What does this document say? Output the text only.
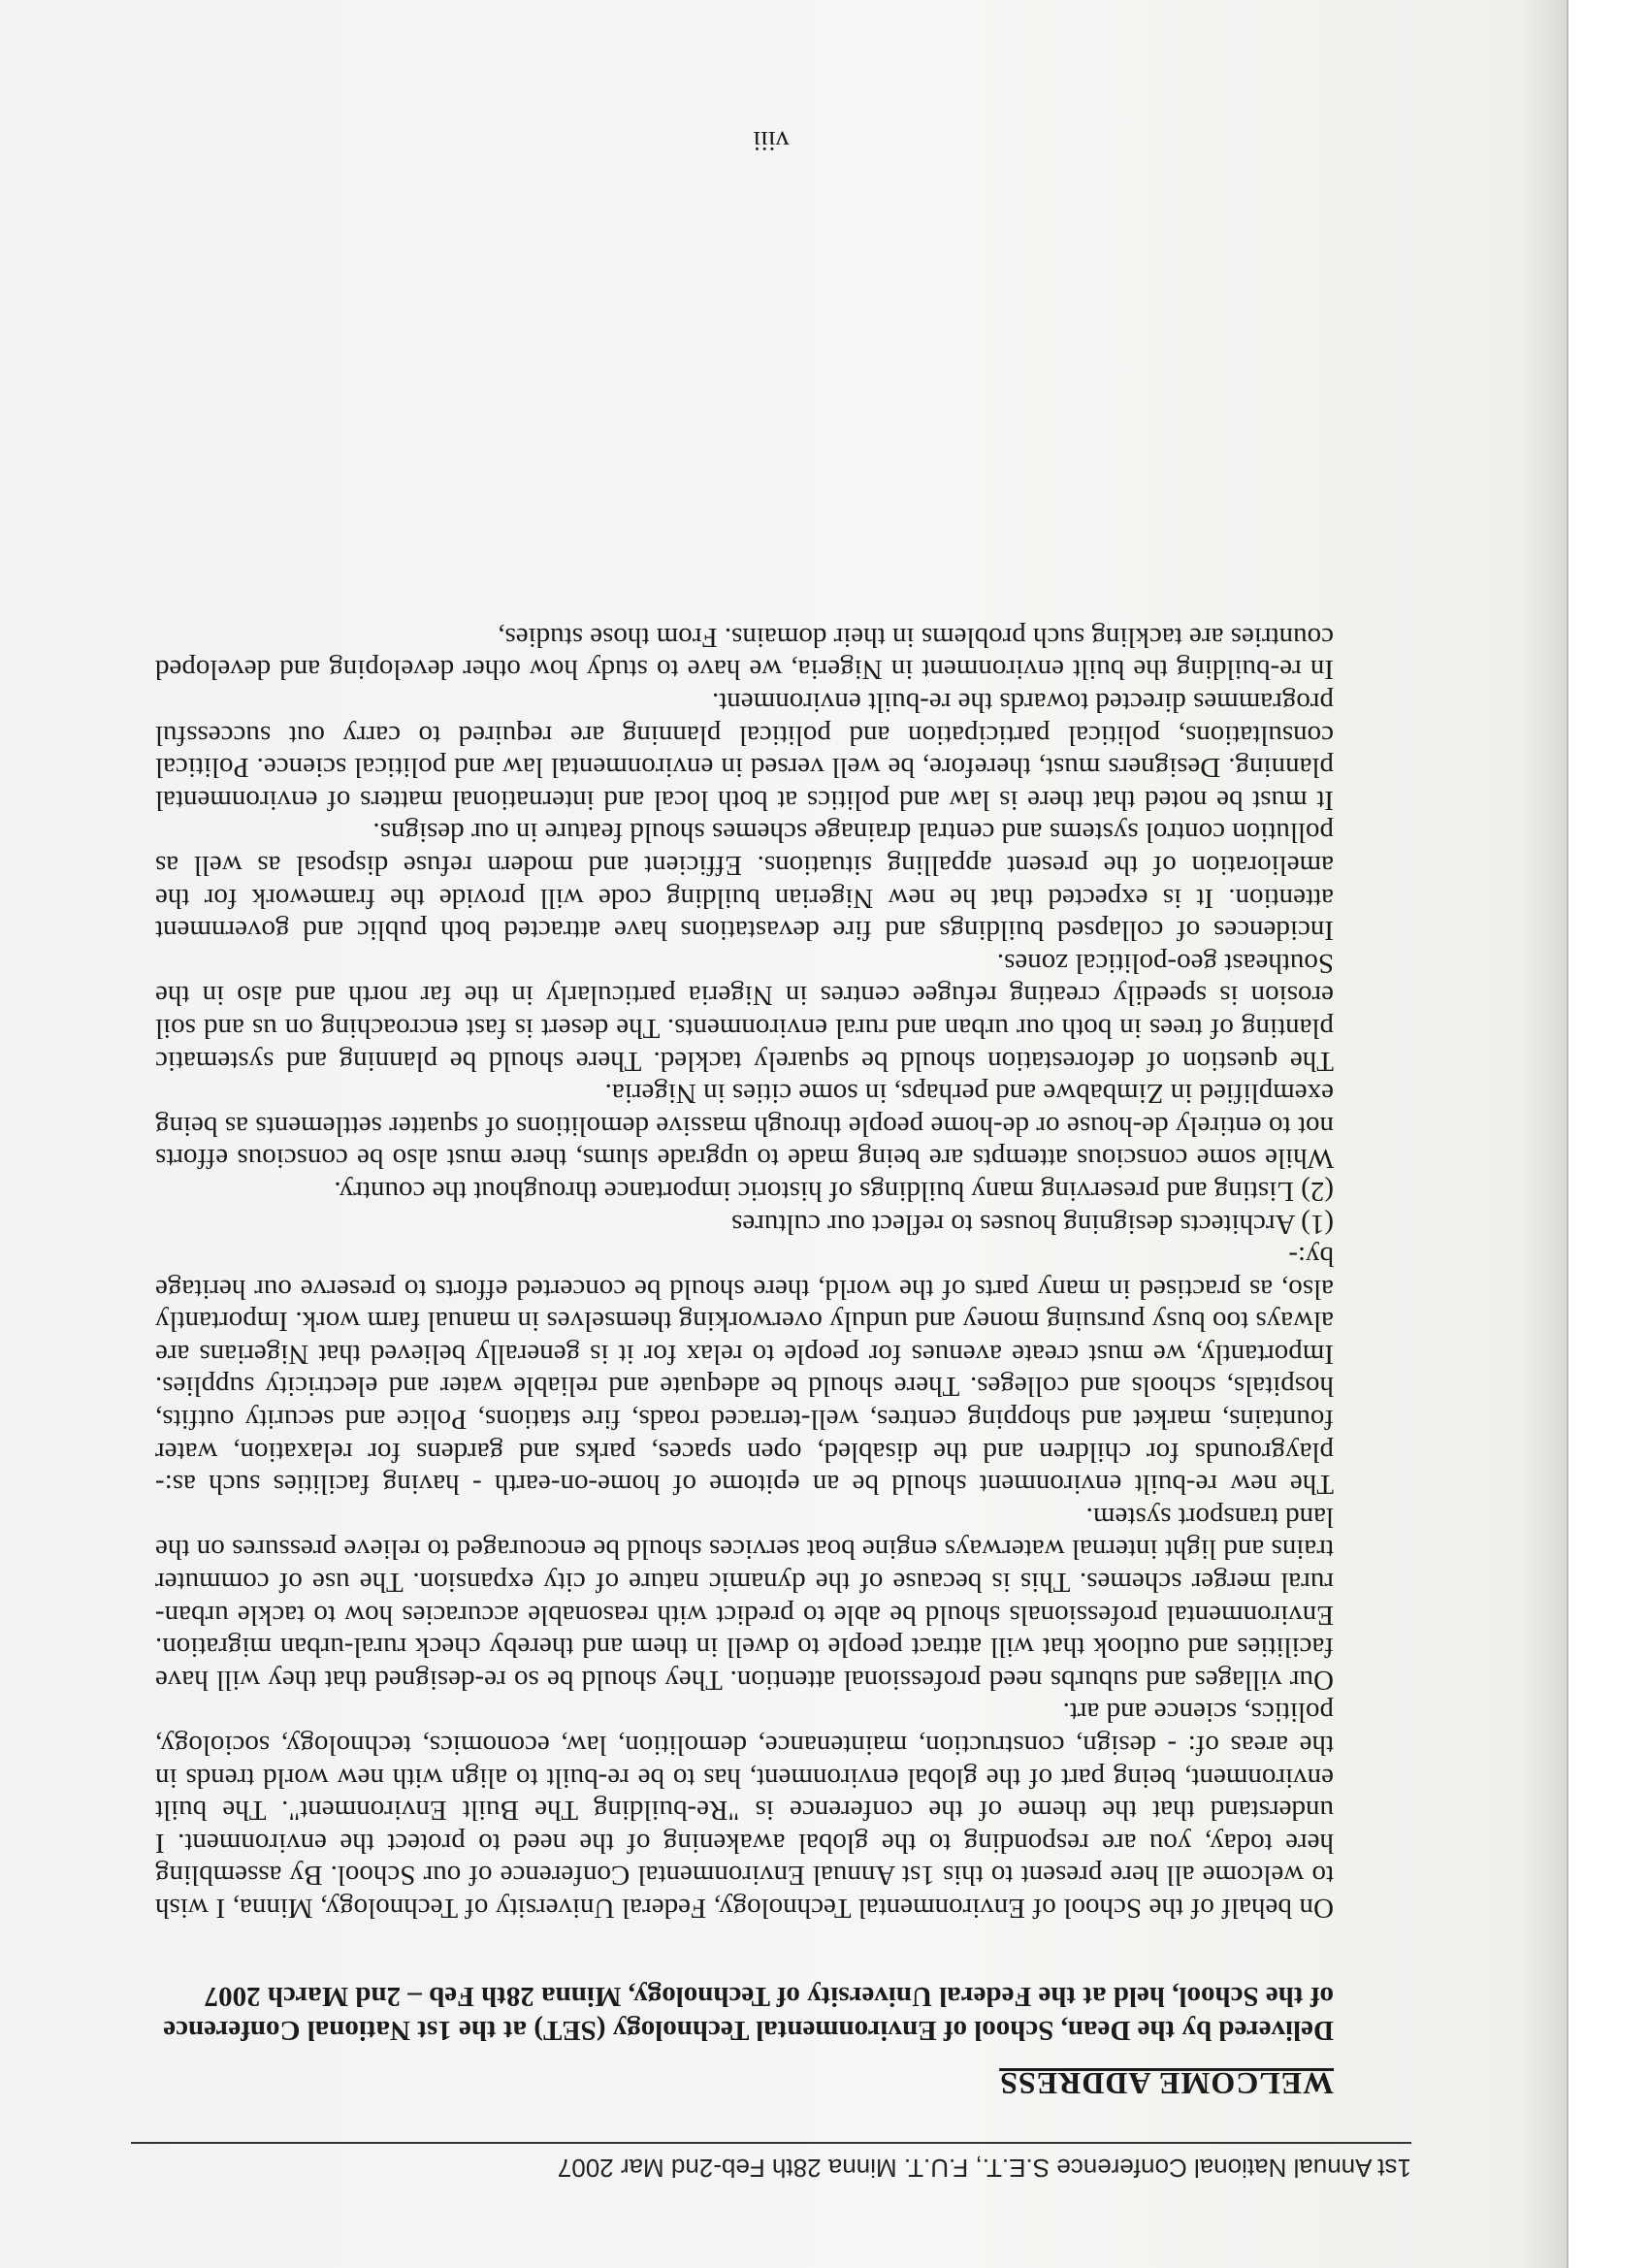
1st Annual National Conference S.E.T., F.U.T. Minna 28th Feb-2nd Mar 2007
WELCOME ADDRESS
Delivered by the Dean, School of Environmental Technology (SET) at the 1st National Conference of the School, held at the Federal University of Technology, Minna 28th Feb – 2nd March 2007

On behalf of the School of Environmental Technology, Federal University of Technology, Minna, I wish to welcome all here present to this 1st Annual Environmental Conference of our School. By assembling here today, you are responding to the global awakening of the need to protect the environment. I understand that the theme of the conference is "Re-building The Built Environment". The built environment, being part of the global environment, has to be re-built to align with new world trends in the areas of: - design, construction, maintenance, demolition, law, economics, technology, sociology, politics, science and art.

Our villages and suburbs need professional attention. They should be so re-designed that they will have facilities and outlook that will attract people to dwell in them and thereby check rural-urban migration. Environmental professionals should be able to predict with reasonable accuracies how to tackle urban-rural merger schemes. This is because of the dynamic nature of city expansion. The use of commuter trains and light internal waterways engine boat services should be encouraged to relieve pressures on the land transport system.

The new re-built environment should be an epitome of home-on-earth - having facilities such as:-playgrounds for children and the disabled, open spaces, parks and gardens for relaxation, water fountains, market and shopping centres, well-terraced roads, fire stations, Police and security outfits, hospitals, schools and colleges. There should be adequate and reliable water and electricity supplies. Importantly, we must create avenues for people to relax for it is generally believed that Nigerians are always too busy pursuing money and unduly overworking themselves in manual farm work. Importantly also, as practised in many parts of the world, there should be concerted efforts to preserve our heritage by:-

(1) Architects designing houses to reflect our cultures

(2) Listing and preserving many buildings of historic importance throughout the country.

While some conscious attempts are being made to upgrade slums, there must also be conscious efforts not to entirely de-house or de-home people through massive demolitions of squatter settlements as being exemplified in Zimbabwe and perhaps, in some cities in Nigeria.

The question of deforestation should be squarely tackled. There should be planning and systematic planting of trees in both our urban and rural environments. The desert is fast encroaching on us and soil erosion is speedily creating refugee centres in Nigeria particularly in the far north and also in the Southeast geo-political zones.

Incidences of collapsed buildings and fire devastations have attracted both public and government attention. It is expected that he new Nigerian building code will provide the framework for the amelioration of the present appalling situations. Efficient and modern refuse disposal as well as pollution control systems and central drainage schemes should feature in our designs.

It must be noted that there is law and politics at both local and international matters of environmental planning. Designers must, therefore, be well versed in environmental law and political science. Political consultations, political participation and political planning are required to carry out successful programmes directed towards the re-built environment.

In re-building the built environment in Nigeria, we have to study how other developing and developed countries are tackling such problems in their domains. From those studies,

viii
